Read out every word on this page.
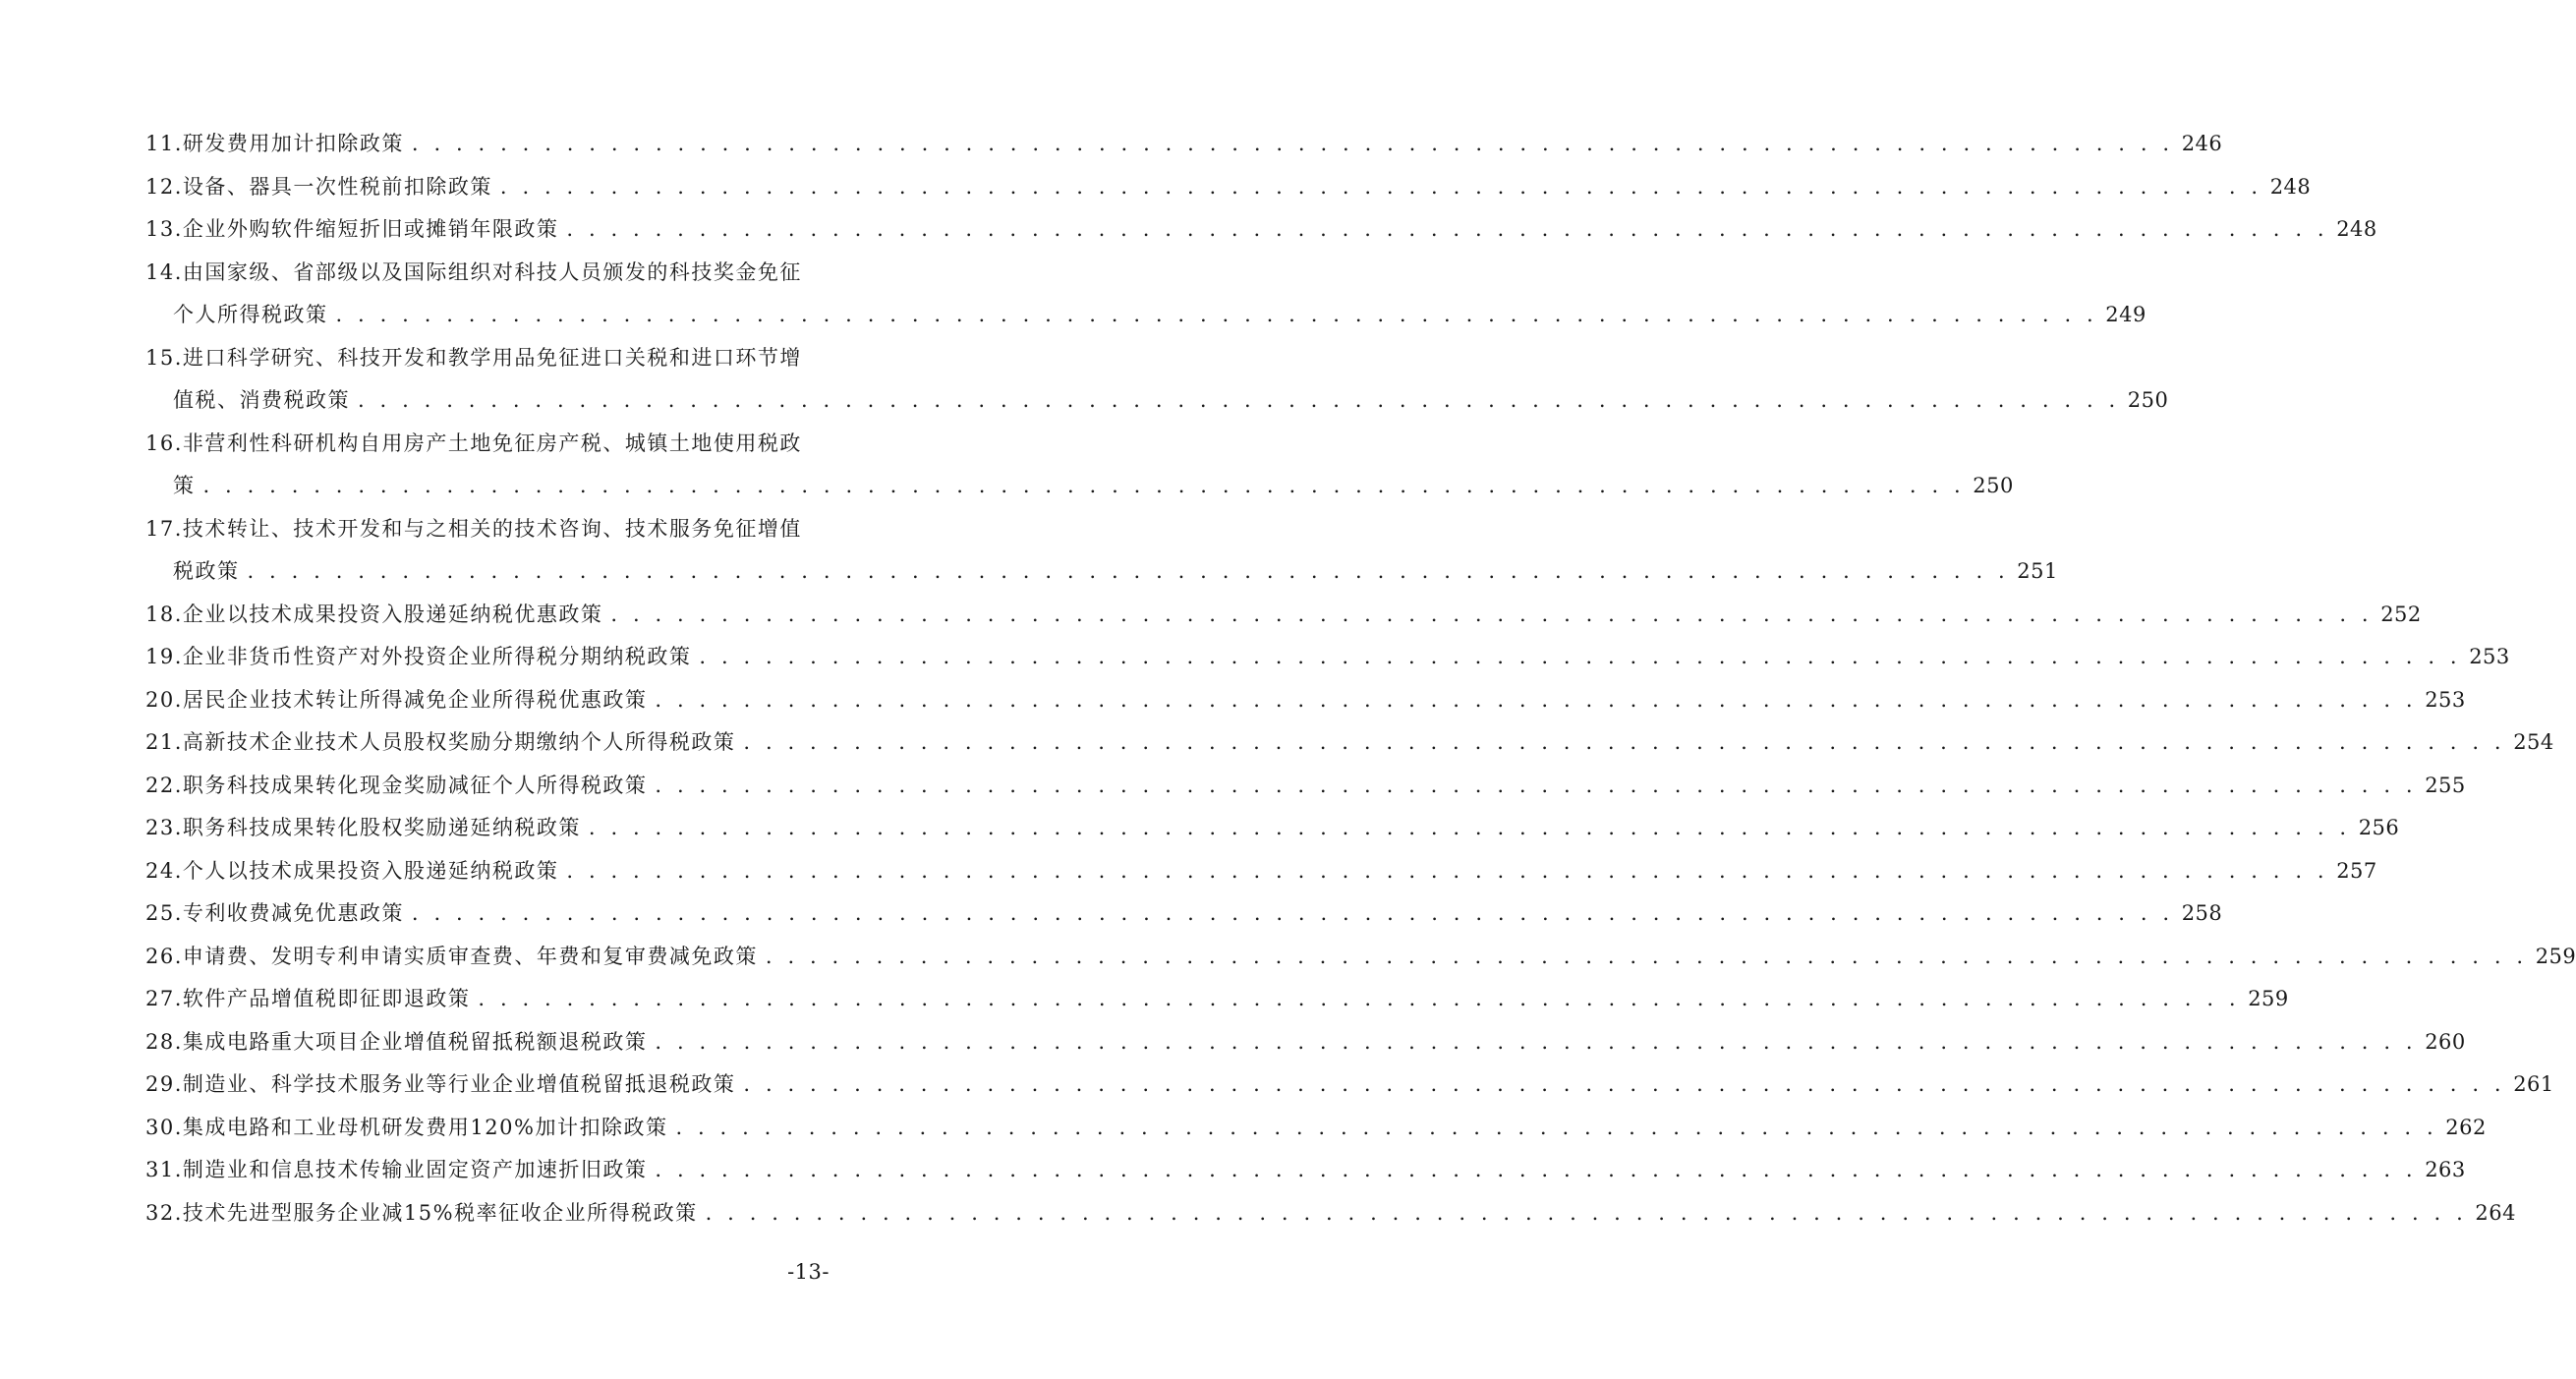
11. 研发费用加计扣除政策 . . . . . . . . . . . . . . . . . . . . . . . . . . . . . . . . . . . . . . . . . . . . . . . . . . . . . . . . . . . . . . . . . . . . . . . . . . . . . . . . 246
12. 设备、器具一次性税前扣除政策 . . . . . . . . . . . . . . . . . . . . . . . . . . . . . . . . . . . . . . . . . . . . . . . . . . . . . . . . . . . . . . . . . . . . . . . . . . . . . . . . 248
13. 企业外购软件缩短折旧或摊销年限政策 . . . . . . . . . . . . . . . . . . . . . . . . . . . . . . . . . . . . . . . . . . . . . . . . . . . . . . . . . . . . . . . . . . . . . . . . . . . . . . . . 248
14. 由国家级、省部级以及国际组织对科技人员颁发的科技奖金免征
个人所得税政策 . . . . . . . . . . . . . . . . . . . . . . . . . . . . . . . . . . . . . . . . . . . . . . . . . . . . . . . . . . . . . . . . . . . . . . . . . . . . . . . . 249
15. 进口科学研究、科技开发和教学用品免征进口关税和进口环节增
值税、消费税政策 . . . . . . . . . . . . . . . . . . . . . . . . . . . . . . . . . . . . . . . . . . . . . . . . . . . . . . . . . . . . . . . . . . . . . . . . . . . . . . . . 250
16. 非营利性科研机构自用房产土地免征房产税、城镇土地使用税政
策 . . . . . . . . . . . . . . . . . . . . . . . . . . . . . . . . . . . . . . . . . . . . . . . . . . . . . . . . . . . . . . . . . . . . . . . . . . . . . . . . 250
17. 技术转让、技术开发和与之相关的技术咨询、技术服务免征增值
税政策 . . . . . . . . . . . . . . . . . . . . . . . . . . . . . . . . . . . . . . . . . . . . . . . . . . . . . . . . . . . . . . . . . . . . . . . . . . . . . . . . 251
18. 企业以技术成果投资入股递延纳税优惠政策 . . . . . . . . . . . . . . . . . . . . . . . . . . . . . . . . . . . . . . . . . . . . . . . . . . . . . . . . . . . . . . . . . . . . . . . . . . . . . . . . 252
19. 企业非货币性资产对外投资企业所得税分期纳税政策 . . . . . . . . . . . . . . . . . . . . . . . . . . . . . . . . . . . . . . . . . . . . . . . . . . . . . . . . . . . . . . . . . . . . . . . . . . . . . . . . 253
20. 居民企业技术转让所得减免企业所得税优惠政策 . . . . . . . . . . . . . . . . . . . . . . . . . . . . . . . . . . . . . . . . . . . . . . . . . . . . . . . . . . . . . . . . . . . . . . . . . . . . . . . . 253
21. 高新技术企业技术人员股权奖励分期缴纳个人所得税政策 . . . . . . . . . . . . . . . . . . . . . . . . . . . . . . . . . . . . . . . . . . . . . . . . . . . . . . . . . . . . . . . . . . . . . . . . . . . . . . . . 254
22. 职务科技成果转化现金奖励减征个人所得税政策 . . . . . . . . . . . . . . . . . . . . . . . . . . . . . . . . . . . . . . . . . . . . . . . . . . . . . . . . . . . . . . . . . . . . . . . . . . . . . . . . 255
23. 职务科技成果转化股权奖励递延纳税政策 . . . . . . . . . . . . . . . . . . . . . . . . . . . . . . . . . . . . . . . . . . . . . . . . . . . . . . . . . . . . . . . . . . . . . . . . . . . . . . . . 256
24. 个人以技术成果投资入股递延纳税政策 . . . . . . . . . . . . . . . . . . . . . . . . . . . . . . . . . . . . . . . . . . . . . . . . . . . . . . . . . . . . . . . . . . . . . . . . . . . . . . . . 257
25. 专利收费减免优惠政策 . . . . . . . . . . . . . . . . . . . . . . . . . . . . . . . . . . . . . . . . . . . . . . . . . . . . . . . . . . . . . . . . . . . . . . . . . . . . . . . . 258
26. 申请费、发明专利申请实质审查费、年费和复审费减免政策 . . . . . . . . . . . . . . . . . . . . . . . . . . . . . . . . . . . . . . . . . . . . . . . . . . . . . . . . . . . . . . . . . . . . . . . . . . . . . . . . 259
27. 软件产品增值税即征即退政策 . . . . . . . . . . . . . . . . . . . . . . . . . . . . . . . . . . . . . . . . . . . . . . . . . . . . . . . . . . . . . . . . . . . . . . . . . . . . . . . . 259
28. 集成电路重大项目企业增值税留抵税额退税政策 . . . . . . . . . . . . . . . . . . . . . . . . . . . . . . . . . . . . . . . . . . . . . . . . . . . . . . . . . . . . . . . . . . . . . . . . . . . . . . . . 260
29. 制造业、科学技术服务业等行业企业增值税留抵退税政策 . . . . . . . . . . . . . . . . . . . . . . . . . . . . . . . . . . . . . . . . . . . . . . . . . . . . . . . . . . . . . . . . . . . . . . . . . . . . . . . . 261
30. 集成电路和工业母机研发费用120%加计扣除政策 . . . . . . . . . . . . . . . . . . . . . . . . . . . . . . . . . . . . . . . . . . . . . . . . . . . . . . . . . . . . . . . . . . . . . . . . . . . . . . . . 262
31. 制造业和信息技术传输业固定资产加速折旧政策 . . . . . . . . . . . . . . . . . . . . . . . . . . . . . . . . . . . . . . . . . . . . . . . . . . . . . . . . . . . . . . . . . . . . . . . . . . . . . . . . 263
32. 技术先进型服务企业减15%税率征收企业所得税政策 . . . . . . . . . . . . . . . . . . . . . . . . . . . . . . . . . . . . . . . . . . . . . . . . . . . . . . . . . . . . . . . . . . . . . . . . . . . . . . . . 264
-13-
